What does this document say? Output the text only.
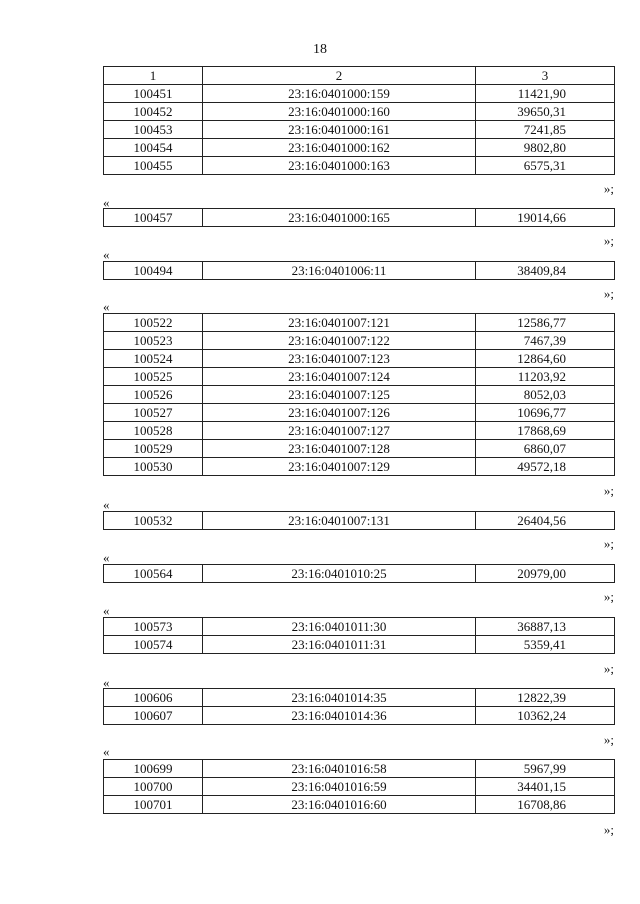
18
1	2	3
100451	23:16:0401000:159	11421,90
100452	23:16:0401000:160	39650,31
100453	23:16:0401000:161	7241,85
100454	23:16:0401000:162	9802,80
100455	23:16:0401000:163	6575,31
»;
«
100457	23:16:0401000:165	19014,66
»;
«
100494	23:16:0401006:11	38409,84
»;
«
100522	23:16:0401007:121	12586,77
100523	23:16:0401007:122	7467,39
100524	23:16:0401007:123	12864,60
100525	23:16:0401007:124	11203,92
100526	23:16:0401007:125	8052,03
100527	23:16:0401007:126	10696,77
100528	23:16:0401007:127	17868,69
100529	23:16:0401007:128	6860,07
100530	23:16:0401007:129	49572,18
»;
«
100532	23:16:0401007:131	26404,56
»;
«
100564	23:16:0401010:25	20979,00
»;
«
100573	23:16:0401011:30	36887,13
100574	23:16:0401011:31	5359,41
»;
«
100606	23:16:0401014:35	12822,39
100607	23:16:0401014:36	10362,24
»;
«
100699	23:16:0401016:58	5967,99
100700	23:16:0401016:59	34401,15
100701	23:16:0401016:60	16708,86
»;
